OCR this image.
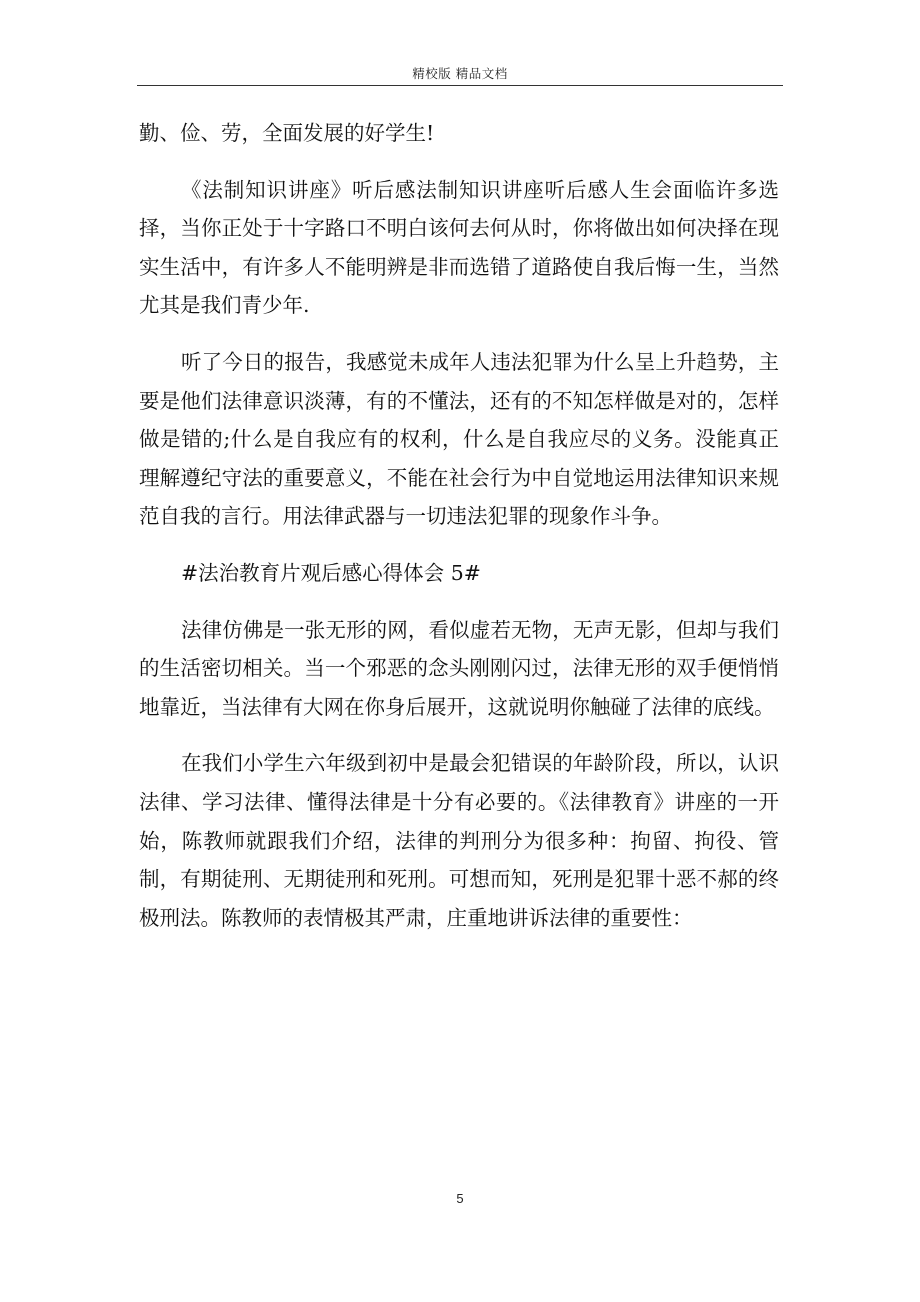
精校版 精品文档

勤、俭、劳，全面发展的好学生!

《法制知识讲座》听后感法制知识讲座听后感人生会面临许多选择，当你正处于十字路口不明白该何去何从时，你将做出如何决择在现实生活中，有许多人不能明辨是非而选错了道路使自我后悔一生，当然尤其是我们青少年.

听了今日的报告，我感觉未成年人违法犯罪为什么呈上升趋势，主要是他们法律意识淡薄，有的不懂法，还有的不知怎样做是对的，怎样做是错的;什么是自我应有的权利，什么是自我应尽的义务。没能真正理解遵纪守法的重要意义，不能在社会行为中自觉地运用法律知识来规范自我的言行。用法律武器与一切违法犯罪的现象作斗争。

#法治教育片观后感心得体会 5#

法律仿佛是一张无形的网，看似虚若无物，无声无影，但却与我们的生活密切相关。当一个邪恶的念头刚刚闪过，法律无形的双手便悄悄地靠近，当法律有大网在你身后展开，这就说明你触碰了法律的底线。

在我们小学生六年级到初中是最会犯错误的年龄阶段，所以，认识法律、学习法律、懂得法律是十分有必要的。《法律教育》讲座的一开始，陈教师就跟我们介绍，法律的判刑分为很多种：拘留、拘役、管制，有期徒刑、无期徒刑和死刑。可想而知，死刑是犯罪十恶不郝的终极刑法。陈教师的表情极其严肃，庄重地讲诉法律的重要性：

5
